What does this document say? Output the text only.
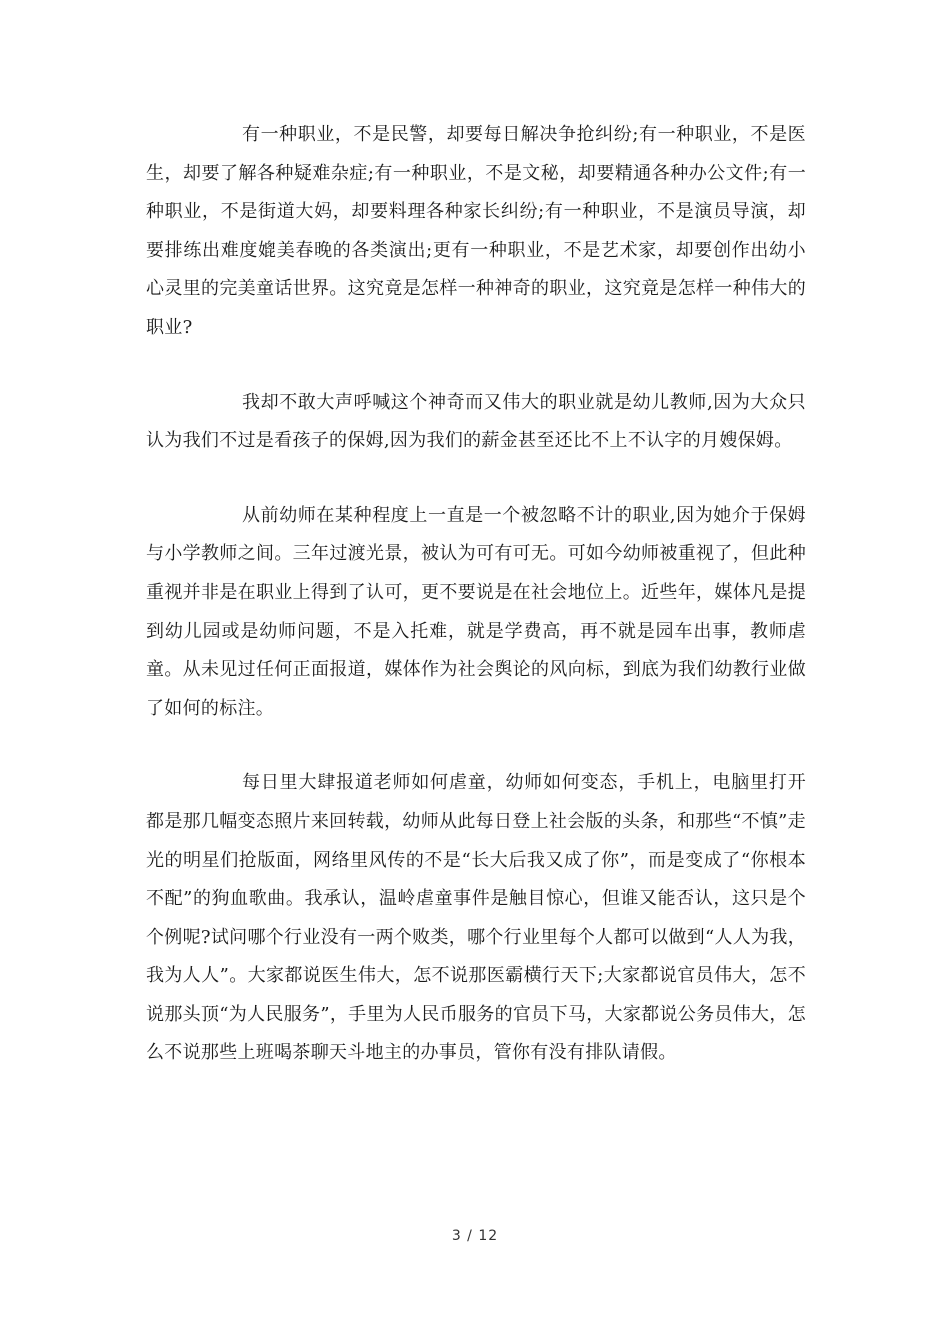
有一种职业，不是民警，却要每日解决争抢纠纷;有一种职业，不是医生，却要了解各种疑难杂症;有一种职业，不是文秘，却要精通各种办公文件;有一种职业，不是街道大妈，却要料理各种家长纠纷;有一种职业，不是演员导演，却要排练出难度媲美春晚的各类演出;更有一种职业，不是艺术家，却要创作出幼小心灵里的完美童话世界。这究竟是怎样一种神奇的职业，这究竟是怎样一种伟大的职业?

我却不敢大声呼喊这个神奇而又伟大的职业就是幼儿教师,因为大众只认为我们不过是看孩子的保姆,因为我们的薪金甚至还比不上不认字的月嫂保姆。

从前幼师在某种程度上一直是一个被忽略不计的职业,因为她介于保姆与小学教师之间。三年过渡光景，被认为可有可无。可如今幼师被重视了，但此种重视并非是在职业上得到了认可，更不要说是在社会地位上。近些年，媒体凡是提到幼儿园或是幼师问题，不是入托难，就是学费高，再不就是园车出事，教师虐童。从未见过任何正面报道，媒体作为社会舆论的风向标，到底为我们幼教行业做了如何的标注。

每日里大肆报道老师如何虐童，幼师如何变态，手机上，电脑里打开都是那几幅变态照片来回转载，幼师从此每日登上社会版的头条，和那些“不慎”走光的明星们抢版面，网络里风传的不是“长大后我又成了你”，而是变成了“你根本不配”的狗血歌曲。我承认，温岭虐童事件是触目惊心，但谁又能否认，这只是个个例呢?试问哪个行业没有一两个败类，哪个行业里每个人都可以做到“人人为我，我为人人”。大家都说医生伟大，怎不说那医霸横行天下;大家都说官员伟大，怎不说那头顶“为人民服务”，手里为人民币服务的官员下马，大家都说公务员伟大，怎么不说那些上班喝茶聊天斗地主的办事员，管你有没有排队请假。

3 / 12
